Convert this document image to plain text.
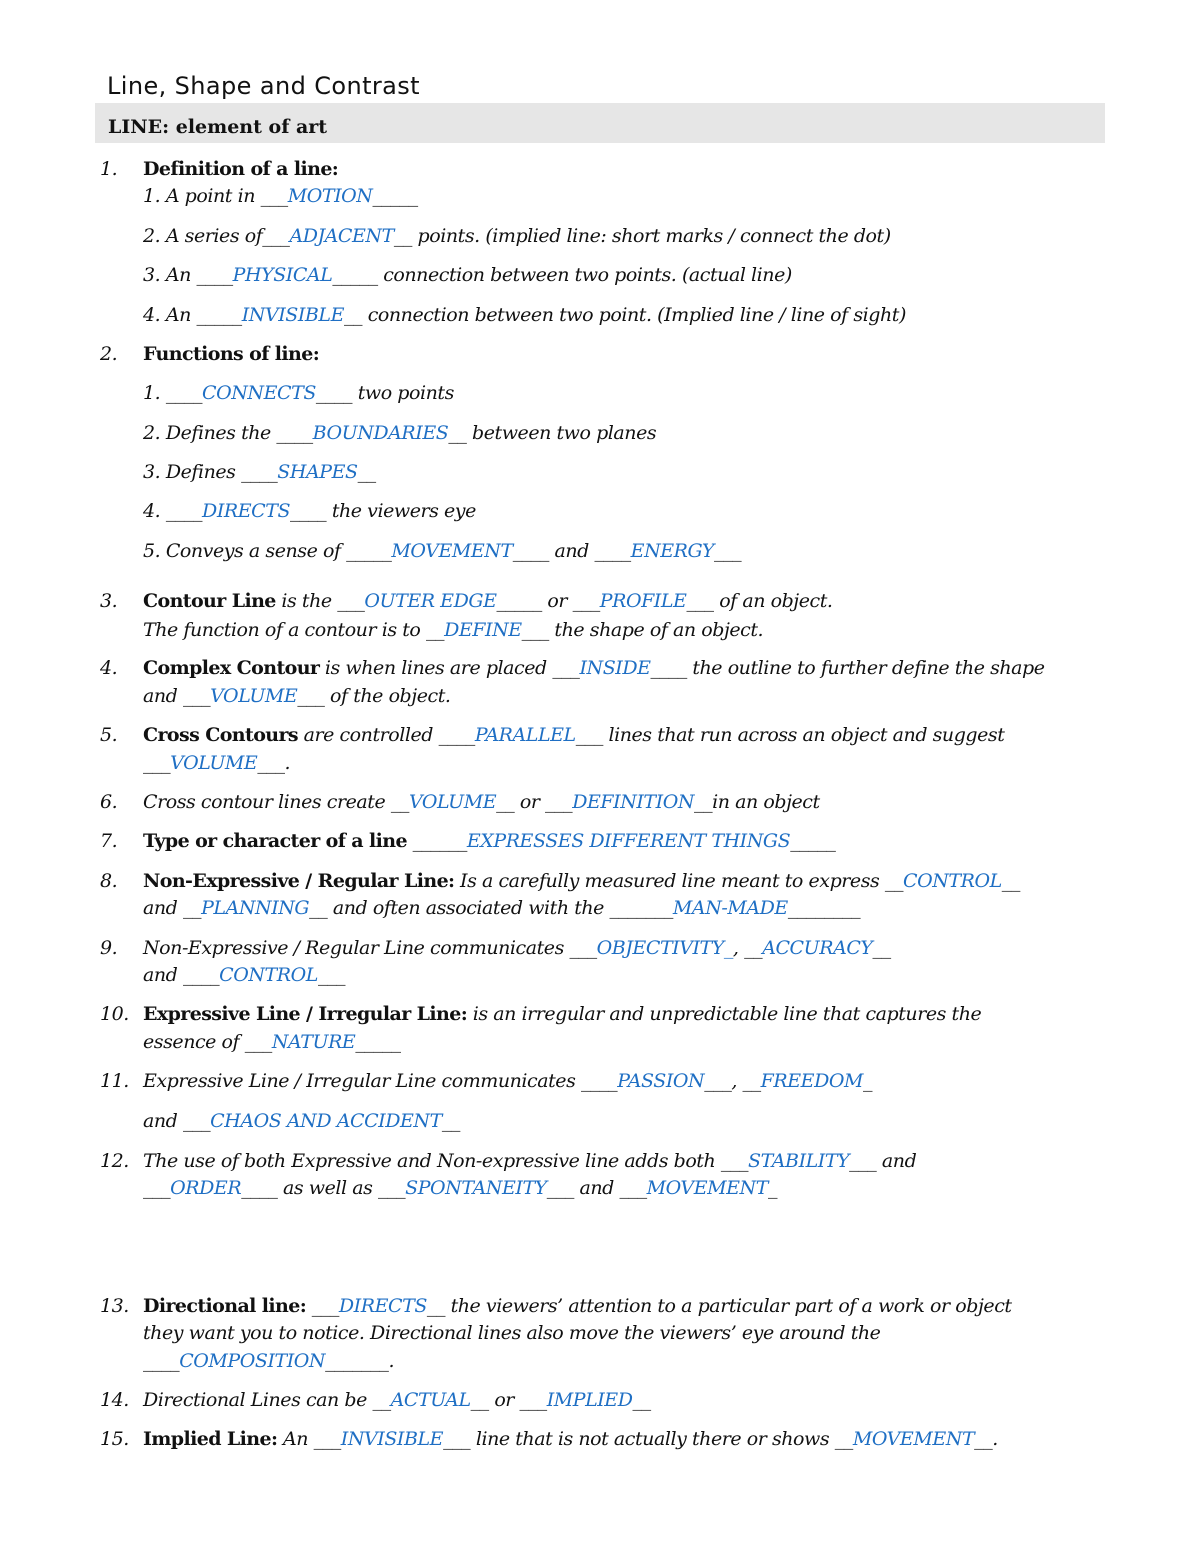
Line, Shape and Contrast
LINE: element of art
1.
2.
3.
4.
5.
6.
7.
8.
9.
10.
11.
12.
13.
14.
15.
Definition of a line:
1. A point in ___MOTION_____
2. A series of___ADJACENT__ points. (implied line: short marks / connect the dot)
3. An ____PHYSICAL_____ connection between two points. (actual line)
4. An _____INVISIBLE__ connection between two point. (Implied line / line of sight)
Functions of line:
1. ____CONNECTS____ two points
2. Defines the ____BOUNDARIES__ between two planes
3. Defines ____SHAPES__
4. ____DIRECTS____ the viewers eye
5. Conveys a sense of _____MOVEMENT____ and ____ENERGY___
Contour Line is the ___OUTER EDGE_____ or ___PROFILE___ of an object.
The function of a contour is to __DEFINE___ the shape of an object.
Complex Contour is when lines are placed ___INSIDE____ the outline to further define the shape
and ___VOLUME___ of the object.
Cross Contours are controlled ____PARALLEL___ lines that run across an object and suggest
___VOLUME___.
Cross contour lines create __VOLUME__ or ___DEFINITION__in an object
Type or character of a line ______EXPRESSES DIFFERENT THINGS_____
Non-Expressive / Regular Line: Is a carefully measured line meant to express __CONTROL__
and __PLANNING__ and often associated with the _______MAN-MADE________
Non-Expressive / Regular Line communicates ___OBJECTIVITY_, __ACCURACY__
and ____CONTROL___
Expressive Line / Irregular Line: is an irregular and unpredictable line that captures the
essence of ___NATURE_____
Expressive Line / Irregular Line communicates ____PASSION___, __FREEDOM_
and ___CHAOS AND ACCIDENT__
The use of both Expressive and Non-expressive line adds both ___STABILITY___ and
___ORDER____ as well as ___SPONTANEITY___ and ___MOVEMENT_
Directional line: ___DIRECTS__ the viewers’ attention to a particular part of a work or object
they want you to notice. Directional lines also move the viewers’ eye around the
____COMPOSITION_______.
Directional Lines can be __ACTUAL__ or ___IMPLIED__
Implied Line: An ___INVISIBLE___ line that is not actually there or shows __MOVEMENT__.
